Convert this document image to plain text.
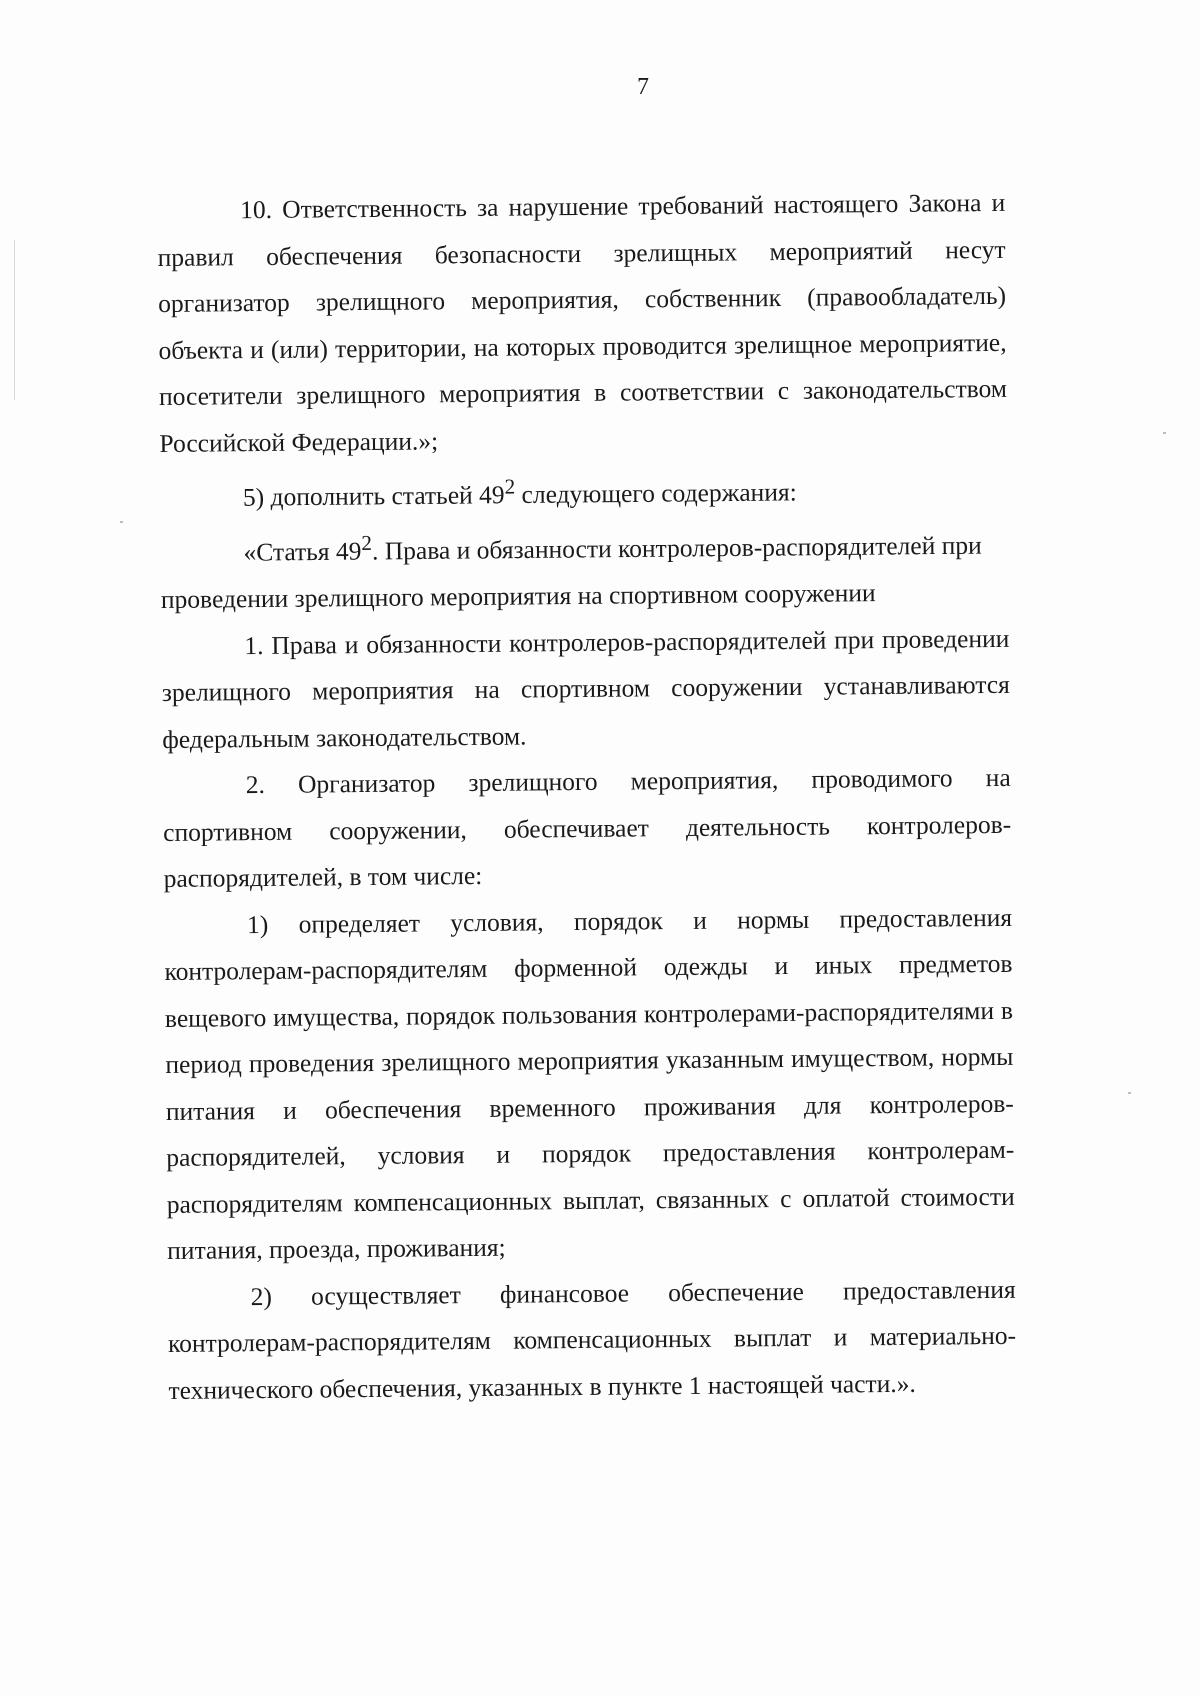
7

10. Ответственность за нарушение требований настоящего Закона и правил обеспечения безопасности зрелищных мероприятий несут организатор зрелищного мероприятия, собственник (правообладатель) объекта и (или) территории, на которых проводится зрелищное мероприятие, посетители зрелищного мероприятия в соответствии с законодательством Российской Федерации.»;

5) дополнить статьей $49^2$ следующего содержания:

«Статья $49^2$. Права и обязанности контролеров-распорядителей при проведении зрелищного мероприятия на спортивном сооружении

1. Права и обязанности контролеров-распорядителей при проведении зрелищного мероприятия на спортивном сооружении устанавливаются федеральным законодательством.

2. Организатор зрелищного мероприятия, проводимого на спортивном сооружении, обеспечивает деятельность контролеров-распорядителей, в том числе:

1) определяет условия, порядок и нормы предоставления контролерам-распорядителям форменной одежды и иных предметов вещевого имущества, порядок пользования контролерами-распорядителями в период проведения зрелищного мероприятия указанным имуществом, нормы питания и обеспечения временного проживания для контролеров-распорядителей, условия и порядок предоставления контролерам-распорядителям компенсационных выплат, связанных с оплатой стоимости питания, проезда, проживания;

2) осуществляет финансовое обеспечение предоставления контролерам-распорядителям компенсационных выплат и материально-технического обеспечения, указанных в пункте 1 настоящей части.».
